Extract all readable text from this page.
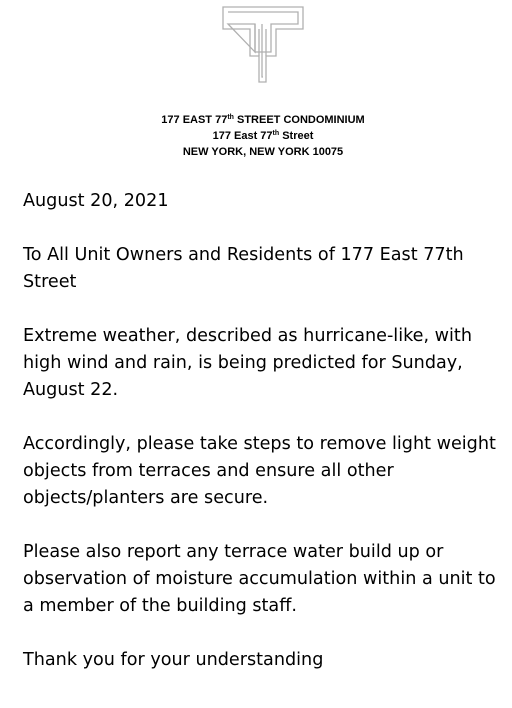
177 EAST 77th STREET CONDOMINIUM
177 East 77th Street
NEW YORK, NEW YORK 10075

August 20, 2021

To All Unit Owners and Residents of 177 East 77th Street

Extreme weather, described as hurricane-like, with high wind and rain, is being predicted for Sunday, August 22.

Accordingly, please take steps to remove light weight objects from terraces and ensure all other objects/planters are secure.

Please also report any terrace water build up or observation of moisture accumulation within a unit to a member of the building staff.

Thank you for your understanding
